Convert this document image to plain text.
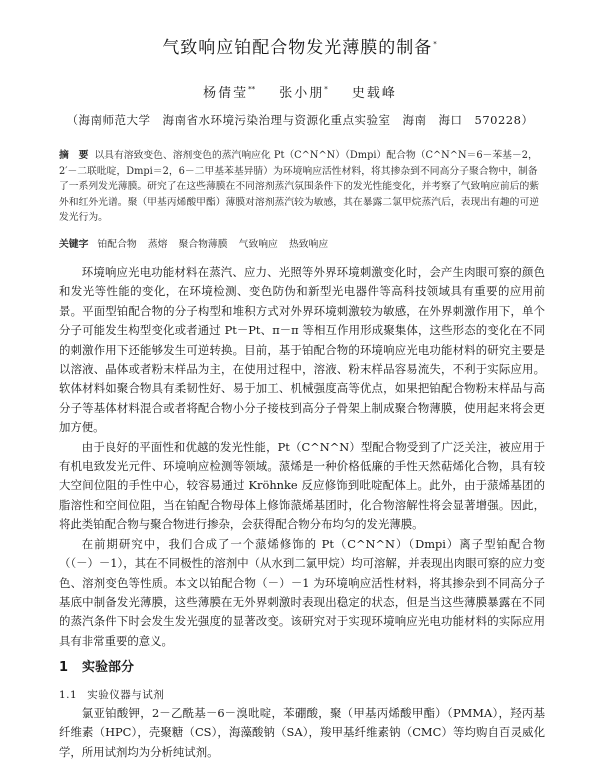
气致响应铂配合物发光薄膜的制备*
杨倩莹** 张小朋* 史载峰
（海南师范大学　海南省水环境污染治理与资源化重点实验室　海南　海口　570228）
摘　要 以具有溶致变色、溶剂变色的蒸汽响应化 Pt（C^N^N）（Dmpi）配合物（C^N^N＝6－苯基－2，2′－二联吡啶，Dmpi＝2，6－二甲基苯基异腈）为环境响应活性材料，将其掺杂到不同高分子聚合物中，制备了一系列发光薄膜。研究了在这些薄膜在不同溶剂蒸汽氛围条件下的发光性能变化，并考察了气致响应前后的紫外和红外光谱。聚（甲基丙烯酸甲酯）薄膜对溶剂蒸汽较为敏感，其在暴露二氯甲烷蒸汽后，表现出有趣的可逆发光行为。
关键字 铂配合物 蒸熔 聚合物薄膜 气致响应 热致响应

环境响应光电功能材料在蒸汽、应力、光照等外界环境刺激变化时，会产生肉眼可察的颜色和发光等性能的变化，在环境检测、变色防伪和新型光电器件等高科技领域具有重要的应用前景。平面型铂配合物的分子构型和堆积方式对外界环境刺激较为敏感，在外界刺激作用下，单个分子可能发生构型变化或者通过 Pt－Pt、π－π 等相互作用形成聚集体，这些形态的变化在不同的刺激作用下还能够发生可逆转换。目前，基于铂配合物的环境响应光电功能材料的研究主要是以溶液、晶体或者粉末样品为主，在使用过程中，溶液、粉末样品容易流失，不利于实际应用。软体材料如聚合物具有柔韧性好、易于加工、机械强度高等优点，如果把铂配合物粉末样品与高分子等基体材料混合或者将配合物小分子接枝到高分子骨架上制成聚合物薄膜，使用起来将会更加方便。

由于良好的平面性和优越的发光性能，Pt（C^N^N）型配合物受到了广泛关注，被应用于有机电致发光元件、环境响应检测等领域。蒎烯是一种价格低廉的手性天然萜烯化合物，具有较大空间位阻的手性中心，较容易通过 Kröhnke 反应修饰到吡啶配体上。此外，由于蒎烯基团的脂溶性和空间位阻，当在铂配合物母体上修饰蒎烯基团时，化合物溶解性将会显著增强。因此，将此类铂配合物与聚合物进行掺杂，会获得配合物分布均匀的发光薄膜。

在前期研究中，我们合成了一个蒎烯修饰的 Pt（C^N^N）（Dmpi）离子型铂配合物（（－）－1），其在不同极性的溶剂中（从水到二氯甲烷）均可溶解，并表现出肉眼可察的应力变色、溶剂变色等性质。本文以铂配合物（－）－1 为环境响应活性材料，将其掺杂到不同高分子基底中制备发光薄膜，这些薄膜在无外界刺激时表现出稳定的状态，但是当这些薄膜暴露在不同的蒸汽条件下时会发生发光强度的显著改变。该研究对于实现环境响应光电功能材料的实际应用具有非常重要的意义。

1 实验部分
1.1 实验仪器与试剂

氯亚铂酸钾，2－乙酰基－6－溴吡啶，苯硼酸，聚（甲基丙烯酸甲酯）（PMMA），羟丙基纤维素（HPC），壳聚糖（CS），海藻酸钠（SA），羧甲基纤维素钠（CMC）等均购自百灵威化学，所用试剂均为分析纯试剂。
